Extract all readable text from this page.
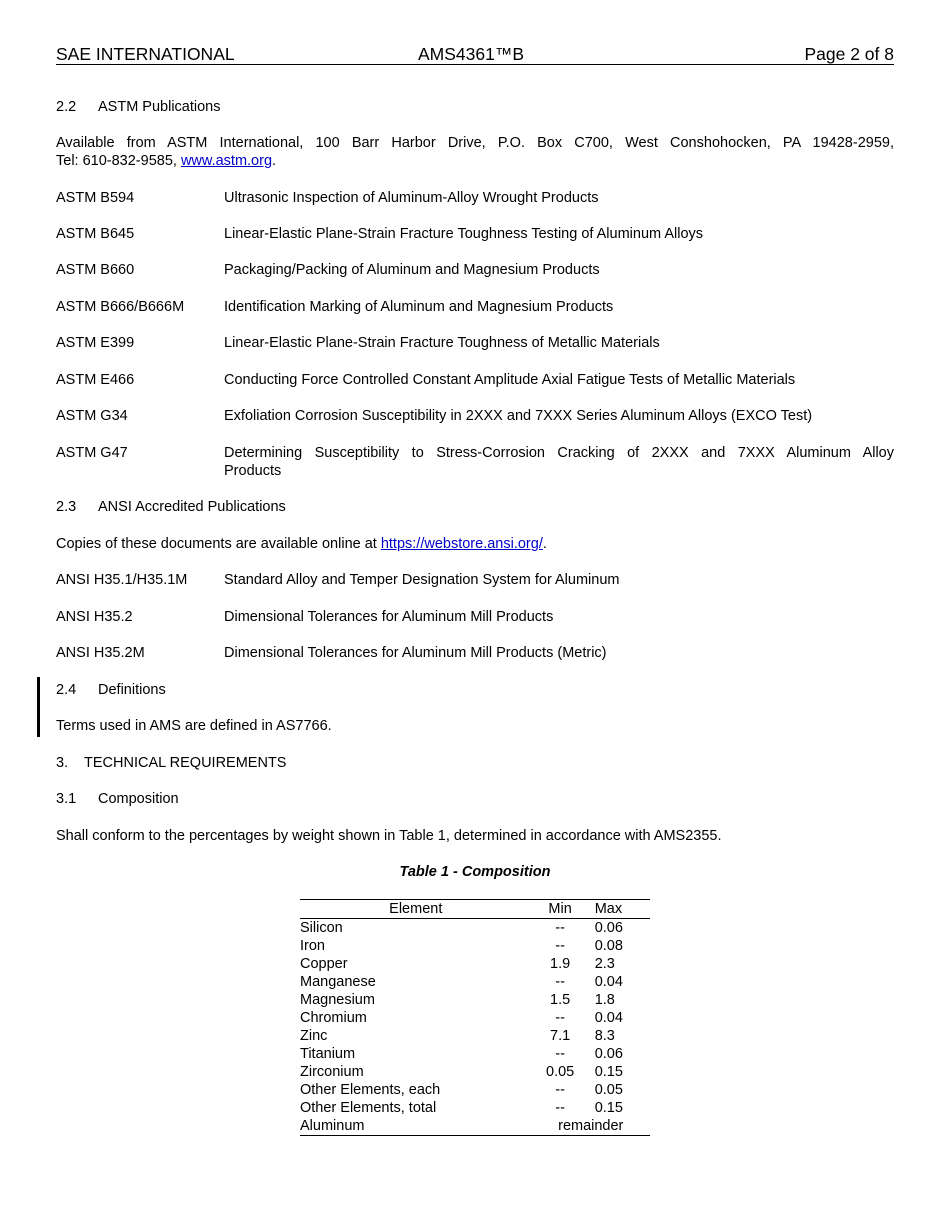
SAE INTERNATIONAL	AMS4361™B	Page 2 of 8
2.2 ASTM Publications
Available from ASTM International, 100 Barr Harbor Drive, P.O. Box C700, West Conshohocken, PA 19428-2959,
Tel: 610-832-9585, www.astm.org.
ASTM B594	Ultrasonic Inspection of Aluminum-Alloy Wrought Products
ASTM B645	Linear-Elastic Plane-Strain Fracture Toughness Testing of Aluminum Alloys
ASTM B660	Packaging/Packing of Aluminum and Magnesium Products
ASTM B666/B666M	Identification Marking of Aluminum and Magnesium Products
ASTM E399	Linear-Elastic Plane-Strain Fracture Toughness of Metallic Materials
ASTM E466	Conducting Force Controlled Constant Amplitude Axial Fatigue Tests of Metallic Materials
ASTM G34	Exfoliation Corrosion Susceptibility in 2XXX and 7XXX Series Aluminum Alloys (EXCO Test)
ASTM G47	Determining Susceptibility to Stress-Corrosion Cracking of 2XXX and 7XXX Aluminum Alloy
Products
2.3 ANSI Accredited Publications
Copies of these documents are available online at https://webstore.ansi.org/.
ANSI H35.1/H35.1M	Standard Alloy and Temper Designation System for Aluminum
ANSI H35.2	Dimensional Tolerances for Aluminum Mill Products
ANSI H35.2M	Dimensional Tolerances for Aluminum Mill Products (Metric)
2.4 Definitions
Terms used in AMS are defined in AS7766.
3. TECHNICAL REQUIREMENTS
3.1 Composition
Shall conform to the percentages by weight shown in Table 1, determined in accordance with AMS2355.
Table 1 - Composition
Element	Min	Max
Silicon	--	0.06
Iron	--	0.08
Copper	1.9	2.3
Manganese	--	0.04
Magnesium	1.5	1.8
Chromium	--	0.04
Zinc	7.1	8.3
Titanium	--	0.06
Zirconium	0.05	0.15
Other Elements, each	--	0.05
Other Elements, total	--	0.15
Aluminum	remainder	
